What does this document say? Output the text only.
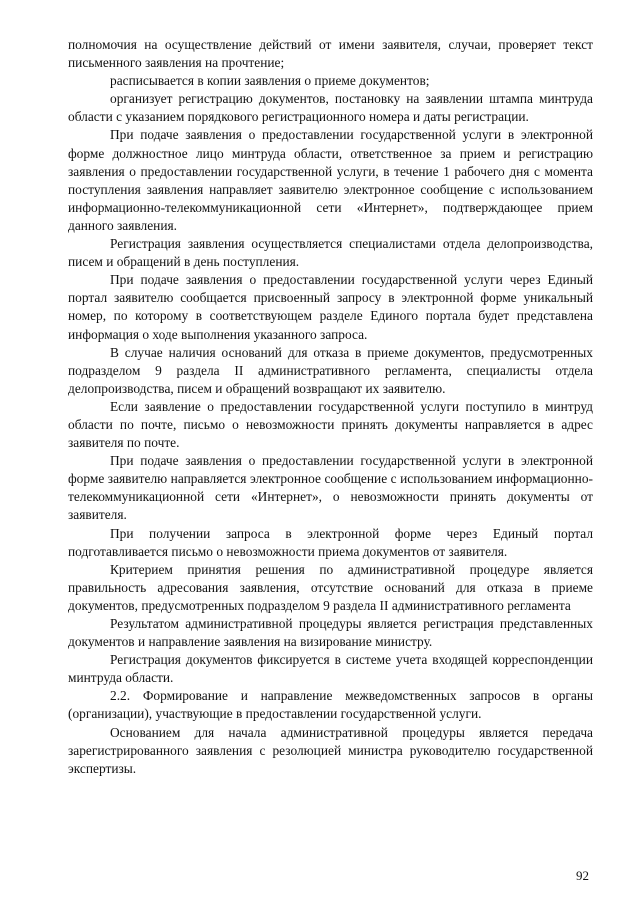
полномочия на осуществление действий от имени заявителя, случаи, проверяет текст письменного заявления на прочтение;

расписывается в копии заявления о приеме документов;

организует регистрацию документов, постановку на заявлении штампа минтруда области с указанием порядкового регистрационного номера и даты регистрации.

При подаче заявления о предоставлении государственной услуги в электронной форме должностное лицо минтруда области, ответственное за прием и регистрацию заявления о предоставлении государственной услуги, в течение 1 рабочего дня с момента поступления заявления направляет заявителю электронное сообщение с использованием информационно-телекоммуникационной сети «Интернет», подтверждающее прием данного заявления.

Регистрация заявления осуществляется специалистами отдела делопроизводства, писем и обращений в день поступления.

При подаче заявления о предоставлении государственной услуги через Единый портал заявителю сообщается присвоенный запросу в электронной форме уникальный номер, по которому в соответствующем разделе Единого портала будет представлена информация о ходе выполнения указанного запроса.

В случае наличия оснований для отказа в приеме документов, предусмотренных подразделом 9 раздела II административного регламента, специалисты отдела делопроизводства, писем и обращений возвращают их заявителю.

Если заявление о предоставлении государственной услуги поступило в минтруд области по почте, письмо о невозможности принять документы направляется в адрес заявителя по почте.

При подаче заявления о предоставлении государственной услуги в электронной форме заявителю направляется электронное сообщение с использованием информационно-телекоммуникационной сети «Интернет», о невозможности принять документы от заявителя.

При получении запроса в электронной форме через Единый портал подготавливается письмо о невозможности приема документов от заявителя.

Критерием принятия решения по административной процедуре является правильность адресования заявления, отсутствие оснований для отказа в приеме документов, предусмотренных подразделом 9 раздела II административного регламента

Результатом административной процедуры является регистрация представленных документов и направление заявления на визирование министру.

Регистрация документов фиксируется в системе учета входящей корреспонденции минтруда области.

2.2. Формирование и направление межведомственных запросов в органы (организации), участвующие в предоставлении государственной услуги.

Основанием для начала административной процедуры является передача зарегистрированного заявления с резолюцией министра руководителю государственной экспертизы.

92
